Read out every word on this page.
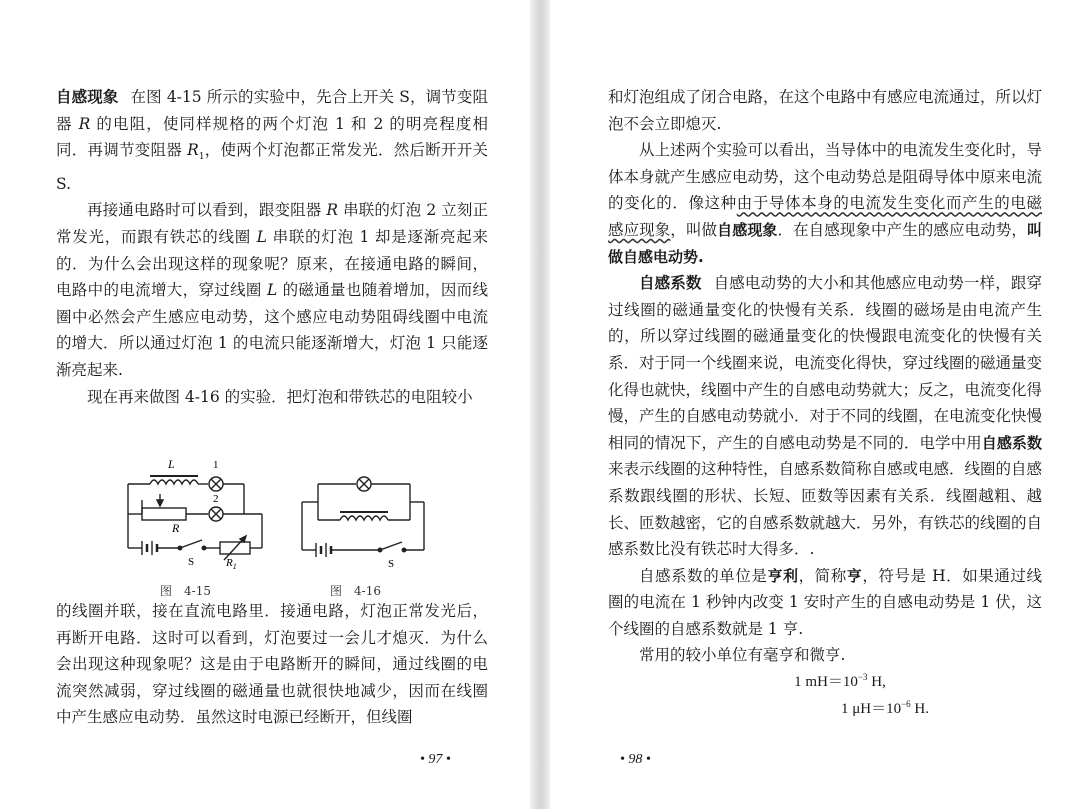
自感现象 在图 4-15 所示的实验中，先合上开关 S，调节变阻器 R 的电阻，使同样规格的两个灯泡 1 和 2 的明亮程度相同．再调节变阻器 $R_1$，使两个灯泡都正常发光．然后断开开关 S.

再接通电路时可以看到，跟变阻器 R 串联的灯泡 2 立刻正常发光，而跟有铁芯的线圈 L 串联的灯泡 1 却是逐渐亮起来的．为什么会出现这样的现象呢？原来，在接通电路的瞬间，电路中的电流增大，穿过线圈 L 的磁通量也随着增加，因而线圈中必然会产生感应电动势，这个感应电动势阻碍线圈中电流的增大．所以通过灯泡 1 的电流只能逐渐增大，灯泡 1 只能逐渐亮起来.

现在再来做图 4-16 的实验．把灯泡和带铁芯的电阻较小

L	1
2
R
S	$R_1$	S
图　4-15	图　4-16

的线圈并联，接在直流电路里．接通电路，灯泡正常发光后，再断开电路．这时可以看到，灯泡要过一会儿才熄灭．为什么会出现这种现象呢？这是由于电路断开的瞬间，通过线圈的电流突然减弱，穿过线圈的磁通量也就很快地减少，因而在线圈中产生感应电动势．虽然这时电源已经断开，但线圈

• 97 •

和灯泡组成了闭合电路，在这个电路中有感应电流通过，所以灯泡不会立即熄灭.

从上述两个实验可以看出，当导体中的电流发生变化时，导体本身就产生感应电动势，这个电动势总是阻碍导体中原来电流的变化的．像这种由于导体本身的电流发生变化而产生的电磁感应现象，叫做自感现象．在自感现象中产生的感应电动势，叫做自感电动势.

自感系数 自感电动势的大小和其他感应电动势一样，跟穿过线圈的磁通量变化的快慢有关系．线圈的磁场是由电流产生的，所以穿过线圈的磁通量变化的快慢跟电流变化的快慢有关系．对于同一个线圈来说，电流变化得快，穿过线圈的磁通量变化得也就快，线圈中产生的自感电动势就大；反之，电流变化得慢，产生的自感电动势就小．对于不同的线圈，在电流变化快慢相同的情况下，产生的自感电动势是不同的．电学中用自感系数来表示线圈的这种特性，自感系数简称自感或电感．线圈的自感系数跟线圈的形状、长短、匝数等因素有关系．线圈越粗、越长、匝数越密，它的自感系数就越大．另外，有铁芯的线圈的自感系数比没有铁芯时大得多．.

自感系数的单位是亨利，简称亨，符号是 H．如果通过线圈的电流在 1 秒钟内改变 1 安时产生的自感电动势是 1 伏，这个线圈的自感系数就是 1 亨.

常用的较小单位有毫亨和微亨.

1 $mH=10^{-3}$ H,

1 $\mu H=10^{-6}$ H.

• 98 •
